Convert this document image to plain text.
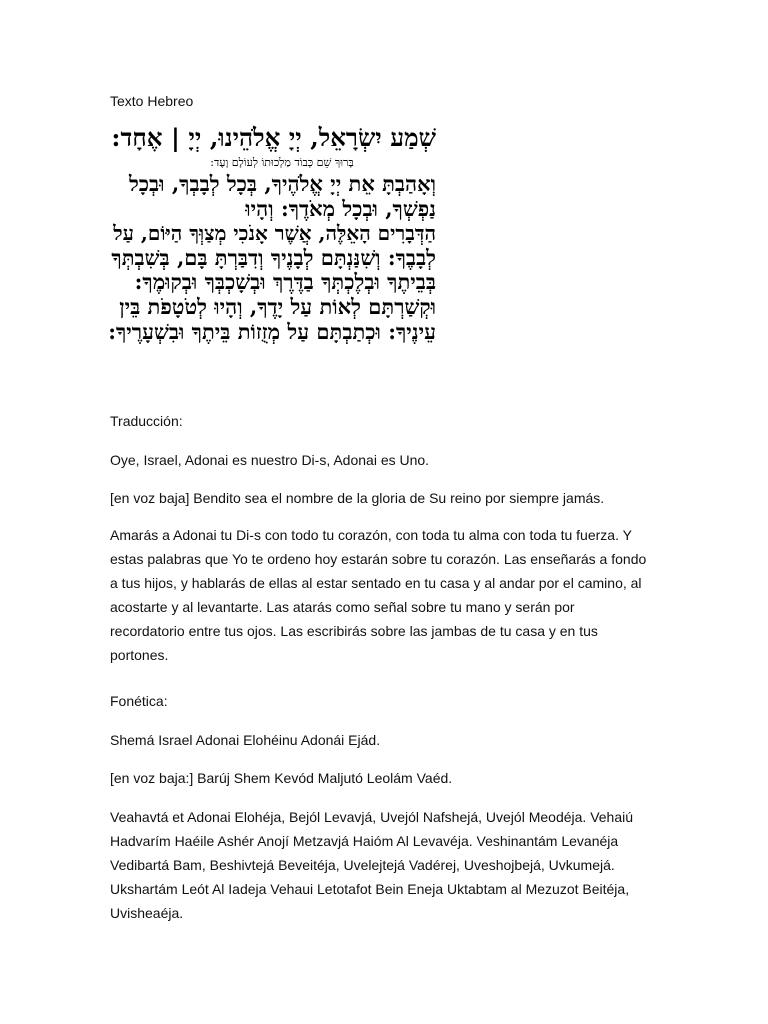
Texto Hebreo

שְׁמַע יִשְׂרָאֵל, יְיָ אֱלֹהֵינוּ, יְיָ | אֶחָד:
בָּרוּךְ שֵׁם כְּבוֹד מַלְכוּתוֹ לְעוֹלָם וָעֶד:
וְאָהַבְתָּ אֵת יְיָ אֱלֹהֶיךָ, בְּכָל לְבָבְךָ, וּבְכָל
נַפְשְׁךָ, וּבְכָל מְאֹדֶךָ: וְהָיוּ
הַדְּבָרִים הָאֵלֶּה, אֲשֶׁר אָנֹכִי מְצַוְּךָ הַיּוֹם, עַל
לְבָבֶךָ: וְשִׁנַּנְתָּם לְבָנֶיךָ וְדִבַּרְתָּ בָּם, בְּשִׁבְתְּךָ
בְּבֵיתֶךָ וּבְלֶכְתְּךָ בַדֶּרֶךְ וּבְשָׁכְבְּךָ וּבְקוּמֶךָ:
וּקְשַׁרְתָּם לְאוֹת עַל יָדֶךָ, וְהָיוּ לְטֹטָפֹת בֵּין
עֵינֶיךָ: וּכְתַבְתָּם עַל מְזֻזוֹת בֵּיתֶךָ וּבִשְׁעָרֶיךָ:

Traducción:

Oye, Israel, Adonai es nuestro Di-s, Adonai es Uno.

[en voz baja] Bendito sea el nombre de la gloria de Su reino por siempre jamás.

Amarás a Adonai tu Di-s con todo tu corazón, con toda tu alma con toda tu fuerza. Y estas palabras que Yo te ordeno hoy estarán sobre tu corazón. Las enseñarás a fondo a tus hijos, y hablarás de ellas al estar sentado en tu casa y al andar por el camino, al acostarte y al levantarte. Las atarás como señal sobre tu mano y serán por recordatorio entre tus ojos. Las escribirás sobre las jambas de tu casa y en tus portones.

Fonética:

Shemá Israel Adonai Elohéinu Adonái Ejád.

[en voz baja:] Barúj Shem Kevód Maljutó Leolám Vaéd.

Veahavtá et Adonai Elohéja, Bejól Levavjá, Uvejól Nafshejá, Uvejól Meodéja. Vehaiú Hadvarím Haéile Ashér Anojí Metzavjá Haióm Al Levavéja. Veshinantám Levanéja Vedibartá Bam, Beshivtejá Beveitéja, Uvelejtejá Vadérej, Uveshojbejá, Uvkumejá. Ukshartám Leót Al Iadeja Vehaui Letotafot Bein Eneja Uktabtam al Mezuzot Beitéja, Uvisheaéja.
